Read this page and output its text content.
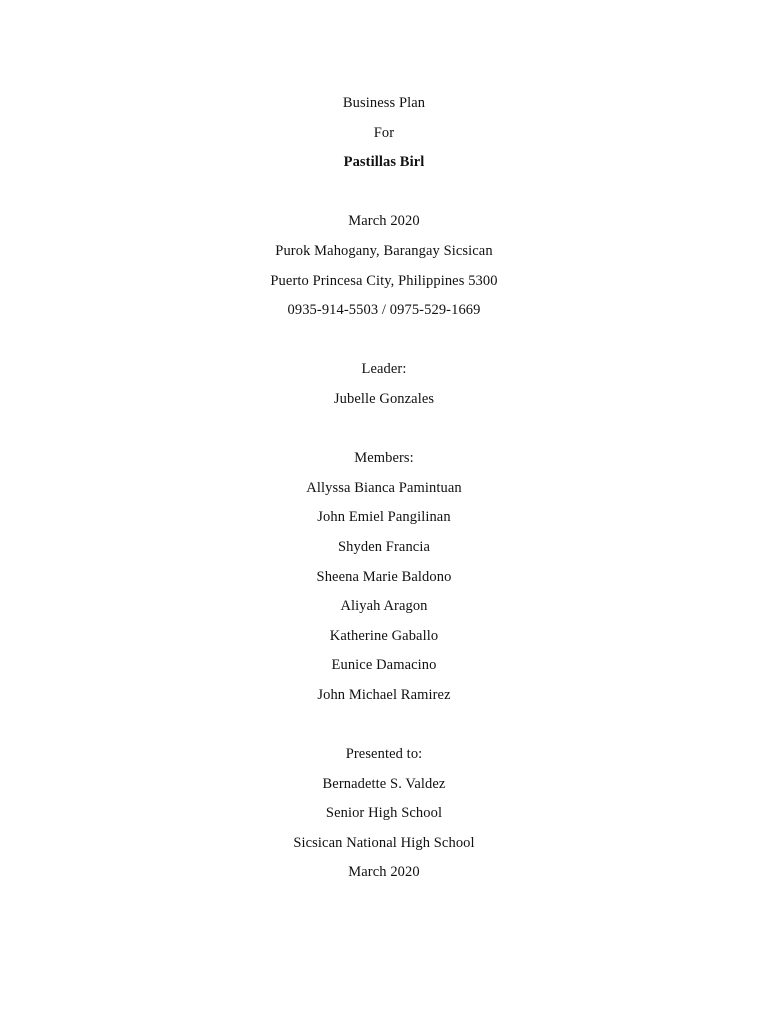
Business Plan
For
Pastillas Birl
March 2020
Purok Mahogany, Barangay Sicsican
Puerto Princesa City, Philippines 5300
0935-914-5503 / 0975-529-1669
Leader:
Jubelle Gonzales
Members:
Allyssa Bianca Pamintuan
John Emiel Pangilinan
Shyden Francia
Sheena Marie Baldono
Aliyah Aragon
Katherine Gaballo
Eunice Damacino
John Michael Ramirez
Presented to:
Bernadette S. Valdez
Senior High School
Sicsican National High School
March 2020
